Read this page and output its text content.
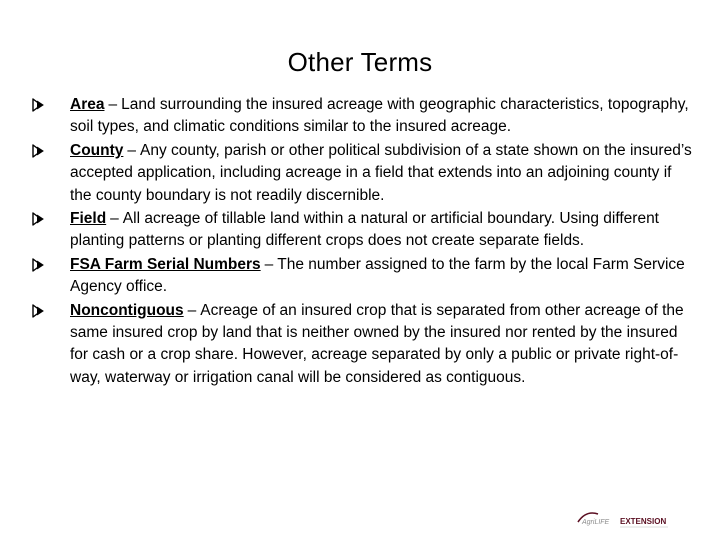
Other Terms
Area – Land surrounding the insured acreage with geographic characteristics, topography, soil types, and climatic conditions similar to the insured acreage.
County – Any county, parish or other political subdivision of a state shown on the insured’s accepted application, including acreage in a field that extends into an adjoining county if the county boundary is not readily discernible.
Field – All acreage of tillable land within a natural or artificial boundary. Using different planting patterns or planting different crops does not create separate fields.
FSA Farm Serial Numbers – The number assigned to the farm by the local Farm Service Agency office.
Noncontiguous – Acreage of an insured crop that is separated from other acreage of the same insured crop by land that is neither owned by the insured nor rented by the insured for cash or a crop share. However, acreage separated by only a public or private right-of-way, waterway or irrigation canal will be considered as contiguous.
AgriLIFE EXTENSION
